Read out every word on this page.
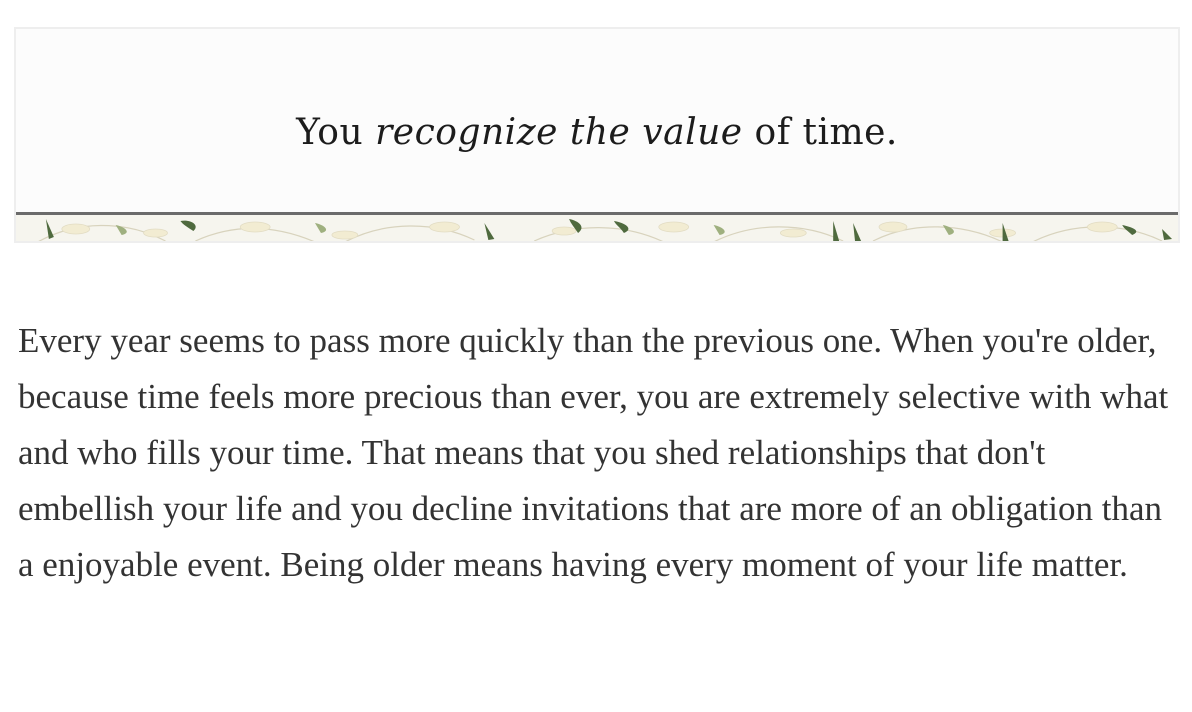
You recognize the value of time.

Every year seems to pass more quickly than the previous one. When you're older, because time feels more precious than ever, you are extremely selective with what and who fills your time. That means that you shed relationships that don't embellish your life and you decline invitations that are more of an obligation than a enjoyable event. Being older means having every moment of your life matter.
